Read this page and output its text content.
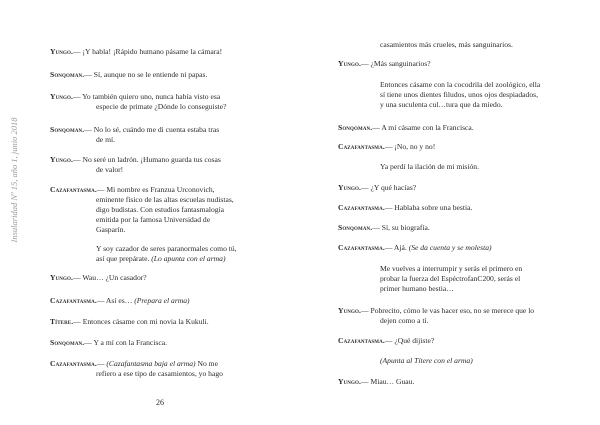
Insularidad Nº 15, año 1, junio 2018
Yungo.— ¡Y habla! ¡Rápido humano pásame la cámara!
Sonqoman.— Sí, aunque no se le entiende ni papas.
Yungo.— Yo también quiero uno, nunca había visto esa
especie de primate ¿Dónde lo conseguiste?
Sonqoman.— No lo sé, cuándo me di cuenta estaba tras
de mí.
Yungo.— No seré un ladrón. ¡Humano guarda tus cosas
de valor!
Cazafantasma.— Mi nombre es Franzua Urconovich,
eminente físico de las altas escuelas nudistas,
digo budistas. Con estudios fantasmalogía
emitida por la famosa Universidad de
Gasparín.
Y soy cazador de seres paranormales como tú,
así que prepárate. (Lo apunta con el arma)
Yungo.— Wau… ¿Un casador?
Cazafantasma.— Así es… (Prepara el arma)
Títere.— Entonces cásame con mi novia la Kukuli.
Sonqoman.— Y a mí con la Francisca.
Cazafantasma.— (Cazafantasma baja el arma) No me
refiero a ese tipo de casamientos, yo hago
26
casamientos más crueles, más sanguinarios.
Yungo.— ¿Más sanguinarios?
Entonces cásame con la cocodrila del zoológico, ella
sí tiene unos dientes filudos, unos ojos despiadados,
y una suculenta cul…tura que da miedo.
Sonqoman.— A mí cásame con la Francisca.
Cazafantasma.— ¡No, no y no!
Ya perdí la ilación de mi misión.
Yungo.— ¿Y qué hacías?
Cazafantasma.— Hablaba sobre una bestia.
Sonqoman.— Sí, su biografía.
Cazafantasma.— Ajá. (Se da cuenta y se molesta)
Me vuelves a interrumpir y serás el primero en
probar la fuerza del EspéctrofanC200, serás el
primer humano bestia…
Yungo.— Pobrecito, cómo le vas hacer eso, no se merece que lo
dejen como a tí.
Cazafantasma.— ¿Qué dijiste?
(Apunta al Títere con el arma)
Yungo.— Miau… Guau.
